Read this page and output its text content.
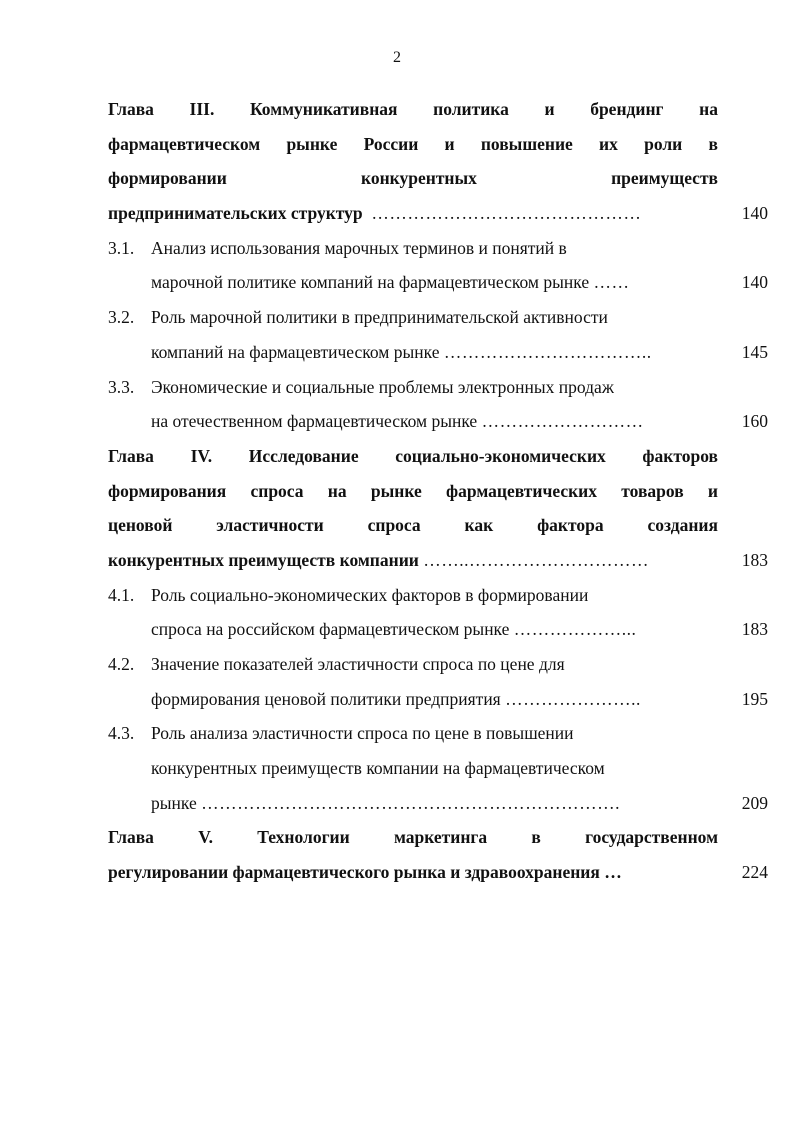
2
Глава III. Коммуникативная политика и брендинг на
фармацевтическом рынке России и повышение их роли в
формировании	конкурентных	преимуществ
предпринимательских структур ………………………………………	140
3.1. Анализ использования марочных терминов и понятий в
марочной политике компаний на фармацевтическом рынке ……	140
3.2. Роль марочной политики в предпринимательской активности
компаний на фармацевтическом рынке ……………………………..	145
3.3. Экономические и социальные проблемы электронных продаж
на отечественном фармацевтическом рынке ………………………	160
Глава IV. Исследование социально-экономических факторов
формирования спроса на рынке фармацевтических товаров и
ценовой	эластичности	спроса	как	фактора	создания
конкурентных преимуществ компании ……..…………………………	183
4.1. Роль социально-экономических факторов в формировании
спроса на российском фармацевтическом рынке ………………...	183
4.2. Значение показателей эластичности спроса по цене для
формирования ценовой политики предприятия …………………..	195
4.3. Роль анализа эластичности спроса по цене в повышении
конкурентных преимуществ компании на фармацевтическом
рынке …………………………………………………………….	209
Глава	V.	Технологии	маркетинга	в	государственном
регулировании фармацевтического рынка и здравоохранения …	224
